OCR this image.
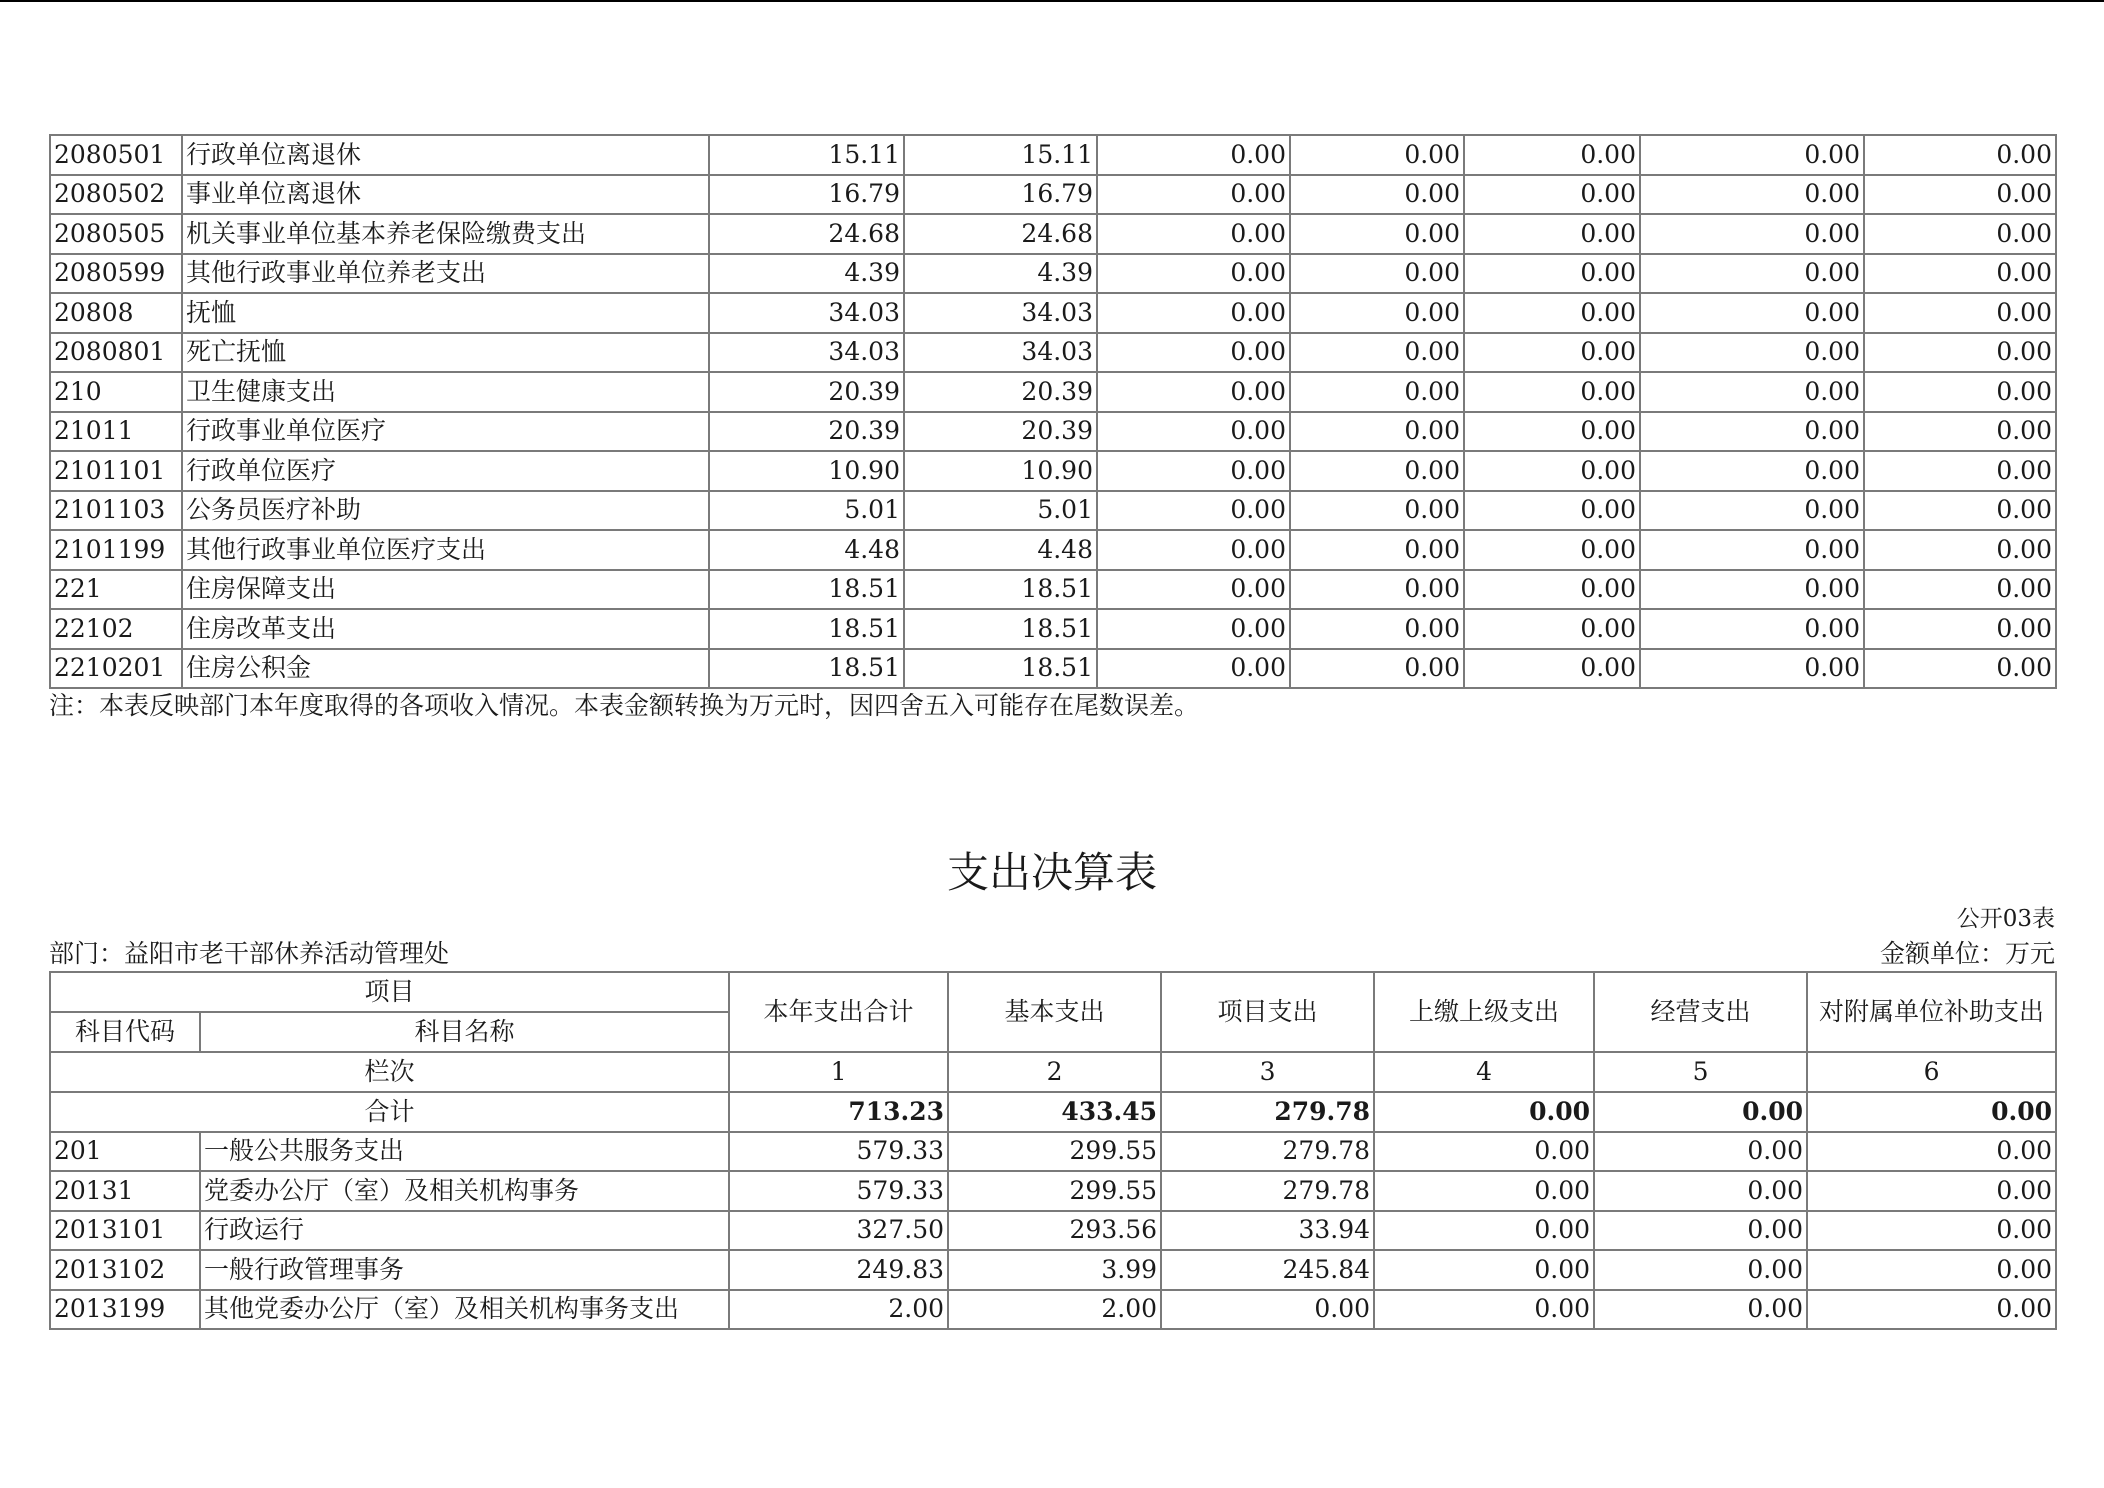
2080501	行政单位离退休	15.11	15.11	0.00	0.00	0.00	0.00	0.00
2080502	事业单位离退休	16.79	16.79	0.00	0.00	0.00	0.00	0.00
2080505	机关事业单位基本养老保险缴费支出	24.68	24.68	0.00	0.00	0.00	0.00	0.00
2080599	其他行政事业单位养老支出	4.39	4.39	0.00	0.00	0.00	0.00	0.00
20808	抚恤	34.03	34.03	0.00	0.00	0.00	0.00	0.00
2080801	死亡抚恤	34.03	34.03	0.00	0.00	0.00	0.00	0.00
210	卫生健康支出	20.39	20.39	0.00	0.00	0.00	0.00	0.00
21011	行政事业单位医疗	20.39	20.39	0.00	0.00	0.00	0.00	0.00
2101101	行政单位医疗	10.90	10.90	0.00	0.00	0.00	0.00	0.00
2101103	公务员医疗补助	5.01	5.01	0.00	0.00	0.00	0.00	0.00
2101199	其他行政事业单位医疗支出	4.48	4.48	0.00	0.00	0.00	0.00	0.00
221	住房保障支出	18.51	18.51	0.00	0.00	0.00	0.00	0.00
22102	住房改革支出	18.51	18.51	0.00	0.00	0.00	0.00	0.00
2210201	住房公积金	18.51	18.51	0.00	0.00	0.00	0.00	0.00
注：本表反映部门本年度取得的各项收入情况。本表金额转换为万元时，因四舍五入可能存在尾数误差。
支出决算表
公开03表
部门：益阳市老干部休养活动管理处	金额单位：万元
项目		本年支出合计	基本支出	项目支出	上缴上级支出	经营支出	对附属单位补助支出
科目代码	科目名称						
栏次		1	2	3	4	5	6
合计		713.23	433.45	279.78	0.00	0.00	0.00
201	一般公共服务支出	579.33	299.55	279.78	0.00	0.00	0.00
20131	党委办公厅（室）及相关机构事务	579.33	299.55	279.78	0.00	0.00	0.00
2013101	行政运行	327.50	293.56	33.94	0.00	0.00	0.00
2013102	一般行政管理事务	249.83	3.99	245.84	0.00	0.00	0.00
2013199	其他党委办公厅（室）及相关机构事务支出	2.00	2.00	0.00	0.00	0.00	0.00
